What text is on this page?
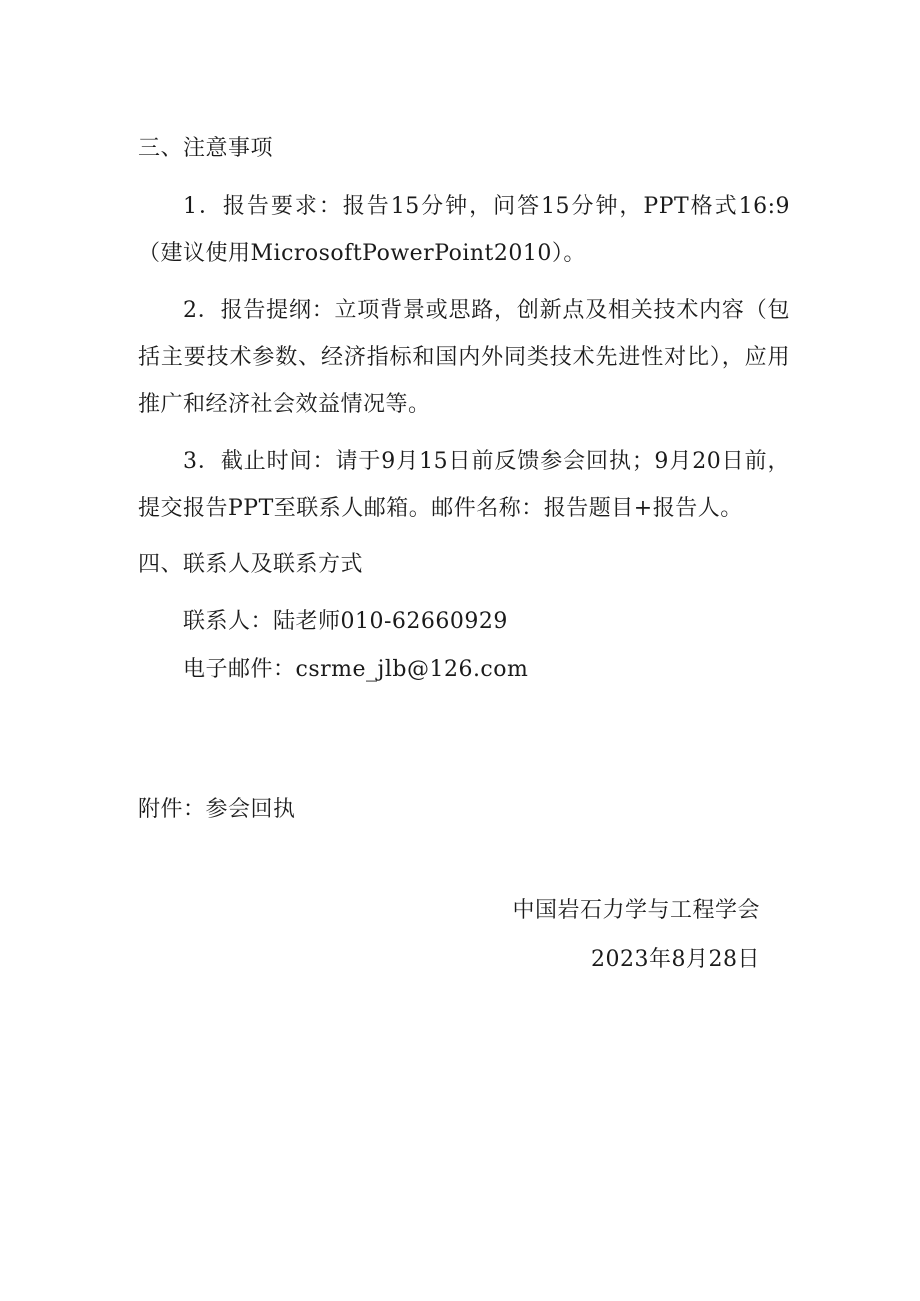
三、注意事项
1．报告要求：报告15分钟，问答15分钟，PPT格式16:9（建议使用MicrosoftPowerPoint2010）。
2．报告提纲：立项背景或思路，创新点及相关技术内容（包括主要技术参数、经济指标和国内外同类技术先进性对比），应用推广和经济社会效益情况等。
3．截止时间：请于9月15日前反馈参会回执；9月20日前，提交报告PPT至联系人邮箱。邮件名称：报告题目+报告人。
四、联系人及联系方式
联系人：陆老师010-62660929
电子邮件：csrme_jlb@126.com
附件：参会回执
中国岩石力学与工程学会
2023年8月28日
